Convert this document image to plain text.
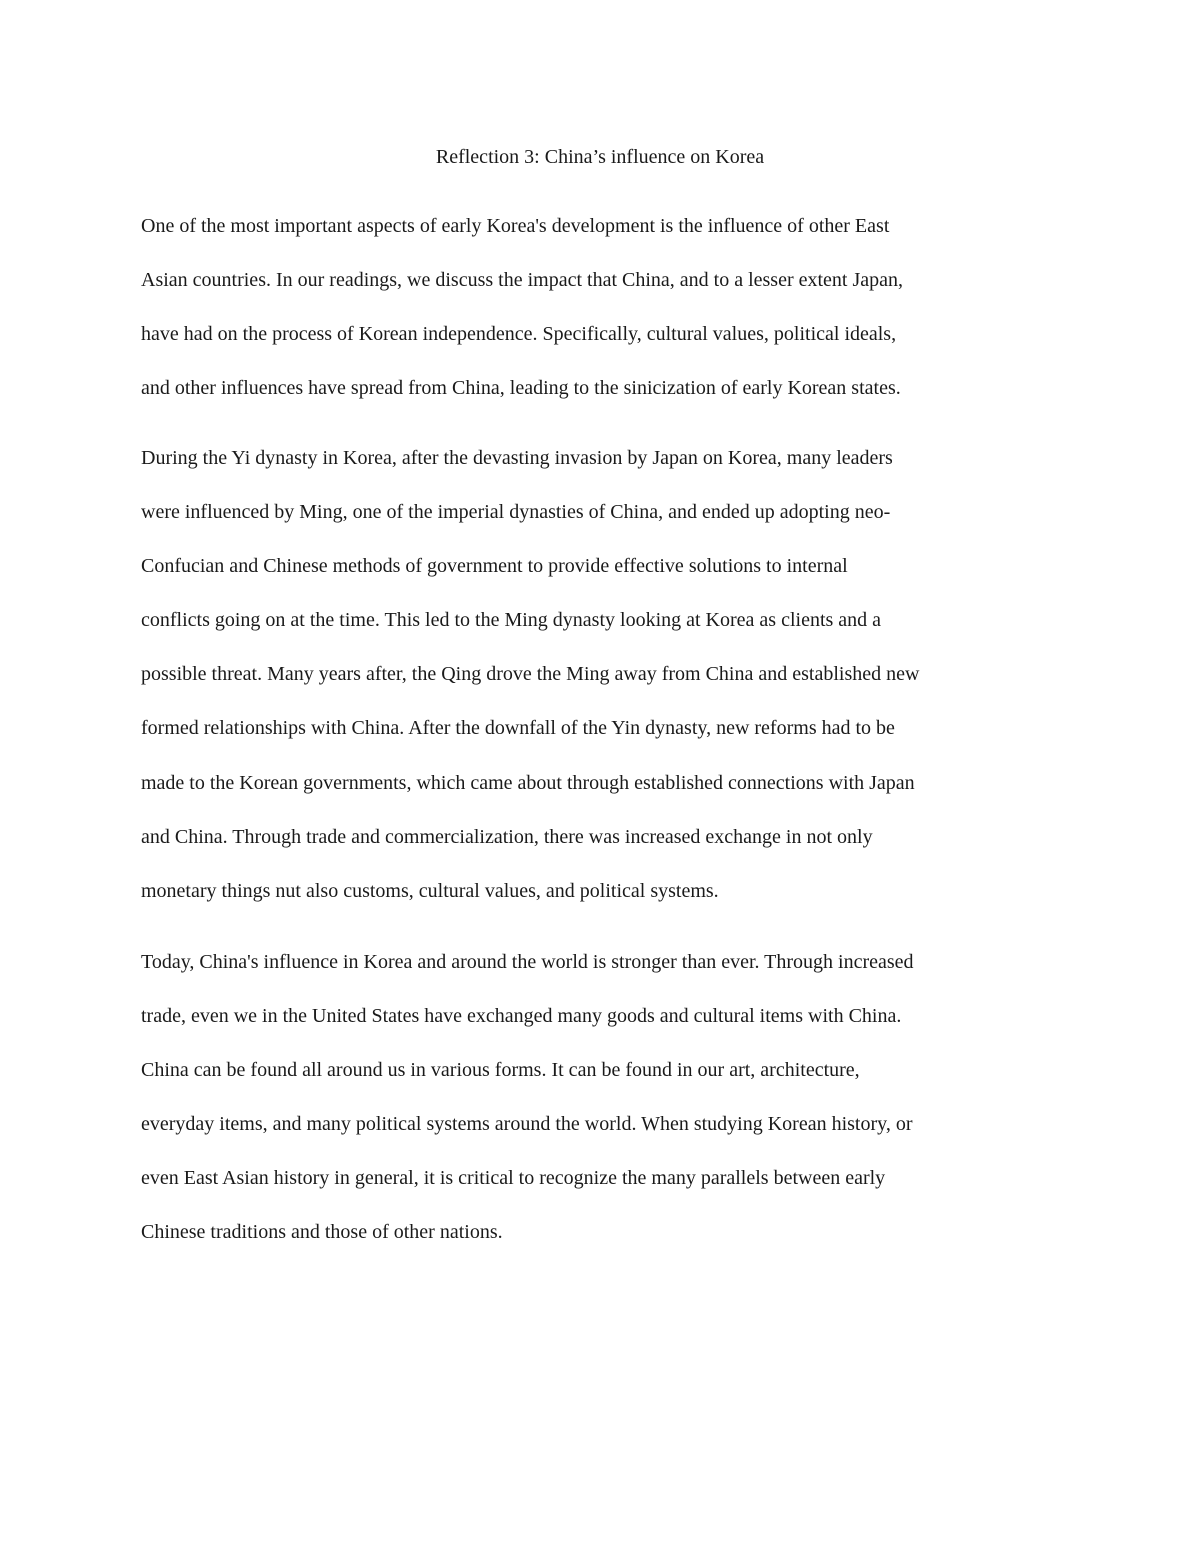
Reflection 3: China’s influence on Korea
One of the most important aspects of early Korea's development is the influence of other East
Asian countries. In our readings, we discuss the impact that China, and to a lesser extent Japan,
have had on the process of Korean independence. Specifically, cultural values, political ideals,
and other influences have spread from China, leading to the sinicization of early Korean states.
During the Yi dynasty in Korea, after the devasting invasion by Japan on Korea, many leaders
were influenced by Ming, one of the imperial dynasties of China, and ended up adopting neo-
Confucian and Chinese methods of government to provide effective solutions to internal
conflicts going on at the time. This led to the Ming dynasty looking at Korea as clients and a
possible threat. Many years after, the Qing drove the Ming away from China and established new
formed relationships with China. After the downfall of the Yin dynasty, new reforms had to be
made to the Korean governments, which came about through established connections with Japan
and China. Through trade and commercialization, there was increased exchange in not only
monetary things nut also customs, cultural values, and political systems.
Today, China's influence in Korea and around the world is stronger than ever. Through increased
trade, even we in the United States have exchanged many goods and cultural items with China.
China can be found all around us in various forms. It can be found in our art, architecture,
everyday items, and many political systems around the world. When studying Korean history, or
even East Asian history in general, it is critical to recognize the many parallels between early
Chinese traditions and those of other nations.
